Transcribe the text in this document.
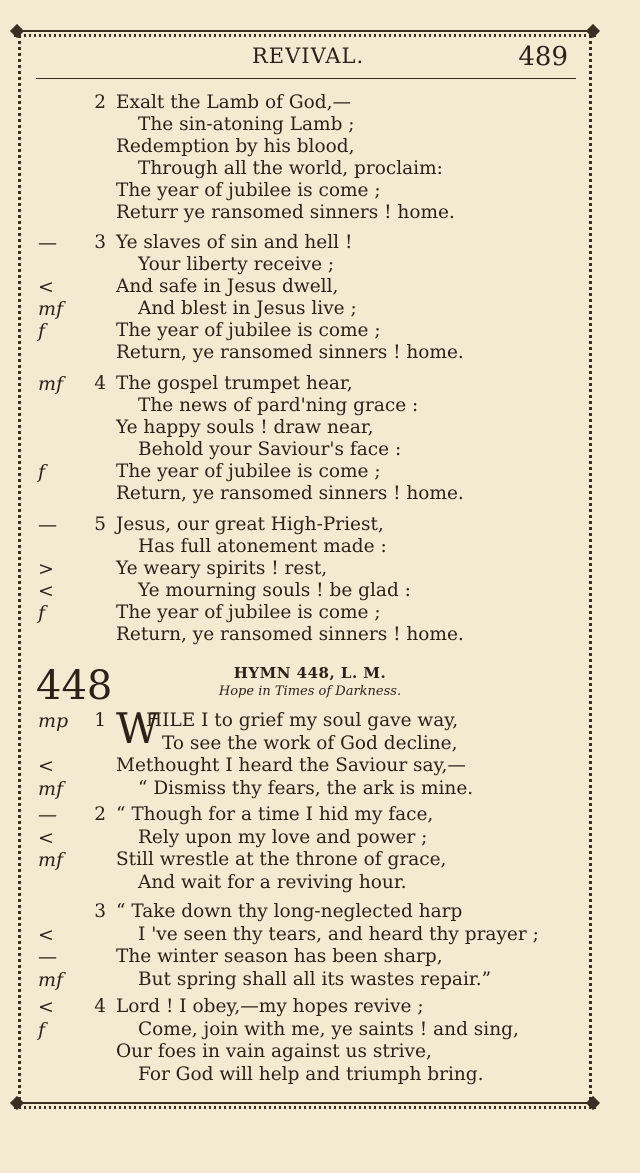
REVIVAL.	489
2 Exalt the Lamb of God,—
The sin-atoning Lamb ;
Redemption by his blood,
Through all the world, proclaim:
The year of jubilee is come ;
Returr ye ransomed sinners ! home.
—	3 Ye slaves of sin and hell !
Your liberty receive ;
<	And safe in Jesus dwell,
mf	And blest in Jesus live ;
f	The year of jubilee is come ;
Return, ye ransomed sinners ! home.
mf 4 The gospel trumpet hear,
The news of pard'ning grace :
Ye happy souls ! draw near,
Behold your Saviour's face :
f	The year of jubilee is come ;
Return, ye ransomed sinners ! home.
—	5 Jesus, our great High-Priest,
Has full atonement made :
>	Ye weary spirits ! rest,
<	Ye mourning souls ! be glad :
f	The year of jubilee is come ;
Return, ye ransomed sinners ! home.
448	HYMN 448, L. M.
Hope in Times of Darkness.
W
mp 1 HILE I to grief my soul gave way,
To see the work of God decline,
<	Methought I heard the Saviour say,—
mf	“ Dismiss thy fears, the ark is mine.
—	2 “ Though for a time I hid my face,
<	Rely upon my love and power ;
mf	Still wrestle at the throne of grace,
And wait for a reviving hour.
3 “ Take down thy long-neglected harp
<	I 've seen thy tears, and heard thy prayer ;
—	The winter season has been sharp,
mf	But spring shall all its wastes repair.”
<	4 Lord ! I obey,—my hopes revive ;
f	Come, join with me, ye saints ! and sing,
Our foes in vain against us strive,
For God will help and triumph bring.
